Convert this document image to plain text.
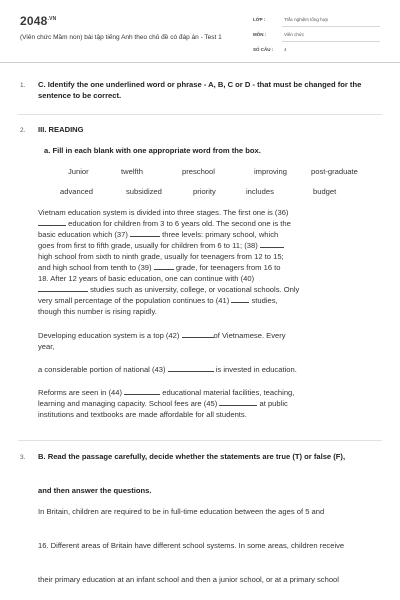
$2048^{.VN}$
(Viên chức Mầm non) bài tập tiếng Anh theo chủ đề có đáp án - Test 1
LỚP :	Trắc nghiệm tổng hợp
MÔN :	Viên chức
SỐ CÂU : 4
1. C. Identify the one underlined word or phrase - A, B, C or D - that must be changed for the sentence to be correct.
2. III. READING
a. Fill in each blank with one appropriate word from the box.
Junior	twelfth	preschool	improving	post-graduate
advanced	subsidized	priority	includes	budget
Vietnam education system is divided into three stages. The first one is (36)
education for children from 3 to 6 years old. The second one is the
basic education which (37)	three levels: primary school, which
goes from first to fifth grade, usually for children from 6 to 11; (38)
high school from sixth to ninth grade, usually for teenagers from 12 to 15;
and high school from tenth to (39)	grade, for teenagers from 16 to
18. After 12 years of basic education, one can continue with (40)
studies such as university, college, or vocational schools. Only
very small percentage of the population continues to (41)	studies,
though this number is rising rapidly.
Developing education system is a top (42)	of Vietnamese. Every
year,
a considerable portion of national (43)	is invested in education.
Reforms are seen in (44)	educational material facilities, teaching,
learning and managing capacity. School fees are (45)	at public
institutions and textbooks are made affordable for all students.
3. B. Read the passage carefully, decide whether the statements are true (T) or false (F),
and then answer the questions.
In Britain, children are required to be in full-time education between the ages of 5 and
16. Different areas of Britain have different school systems. In some areas, children receive
their primary education at an infant school and then a junior school, or at a primary school
